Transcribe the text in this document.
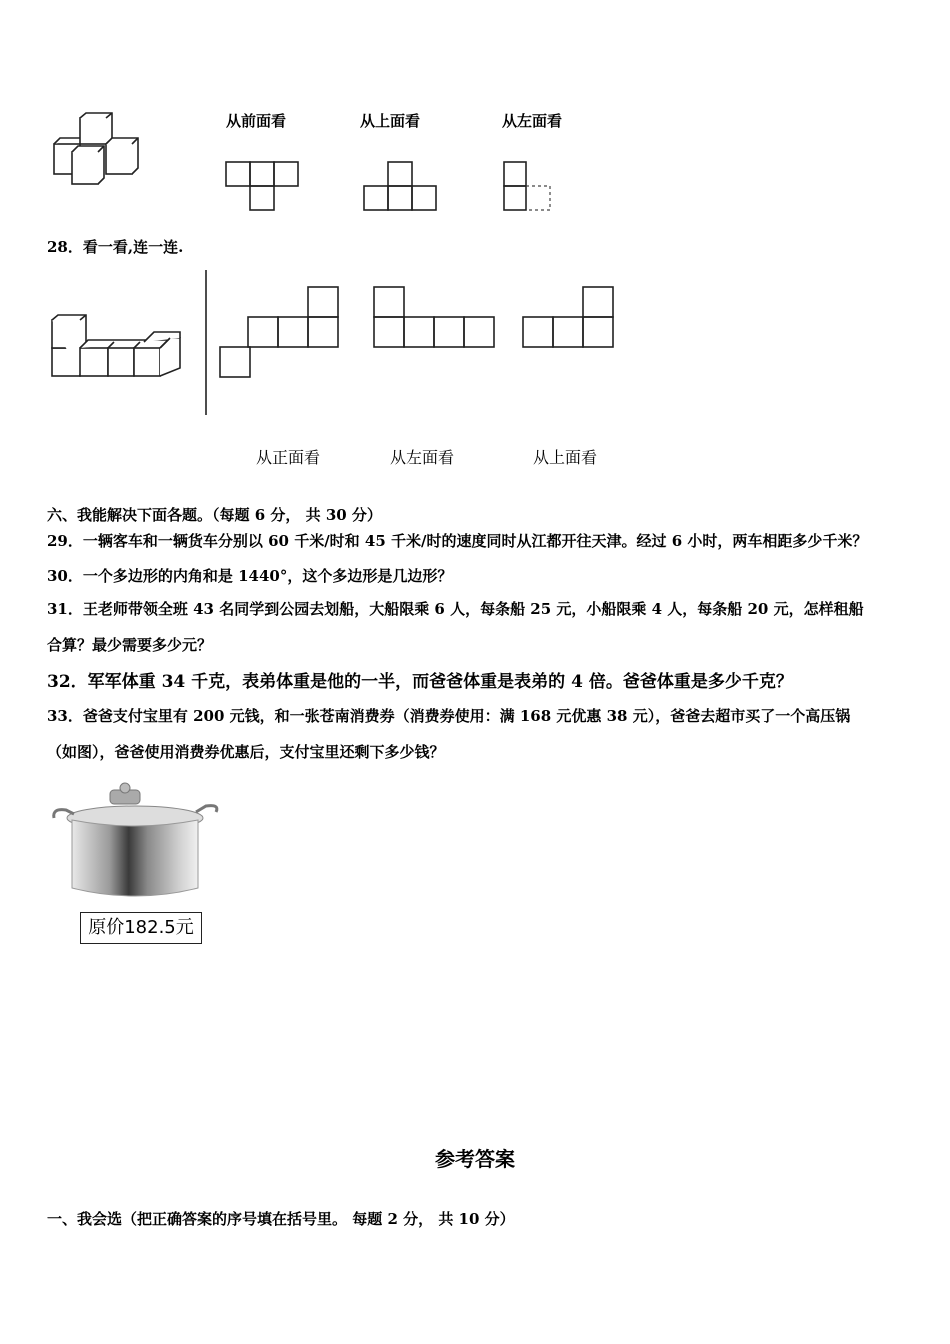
从前面看	从上面看	从左面看
28．看一看,连一连.
从正面看	从左面看	从上面看
六、我能解决下面各题。（每题 6 分， 共 30 分）
29．一辆客车和一辆货车分别以 60 千米/时和 45 千米/时的速度同时从江都开往天津。经过 6 小时，两车相距多少千米？
30．一个多边形的内角和是 1440°，这个多边形是几边形？
31．王老师带领全班 43 名同学到公园去划船，大船限乘 6 人，每条船 25 元，小船限乘 4 人，每条船 20 元，怎样租船
合算？最少需要多少元？
32．军军体重 34 千克，表弟体重是他的一半，而爸爸体重是表弟的 4 倍。爸爸体重是多少千克？
33．爸爸支付宝里有 200 元钱，和一张苍南消费券（消费券使用：满 168 元优惠 38 元），爸爸去超市买了一个高压锅
（如图），爸爸使用消费券优惠后，支付宝里还剩下多少钱？
原价182.5元
参考答案
一、我会选（把正确答案的序号填在括号里。 每题 2 分， 共 10 分）
